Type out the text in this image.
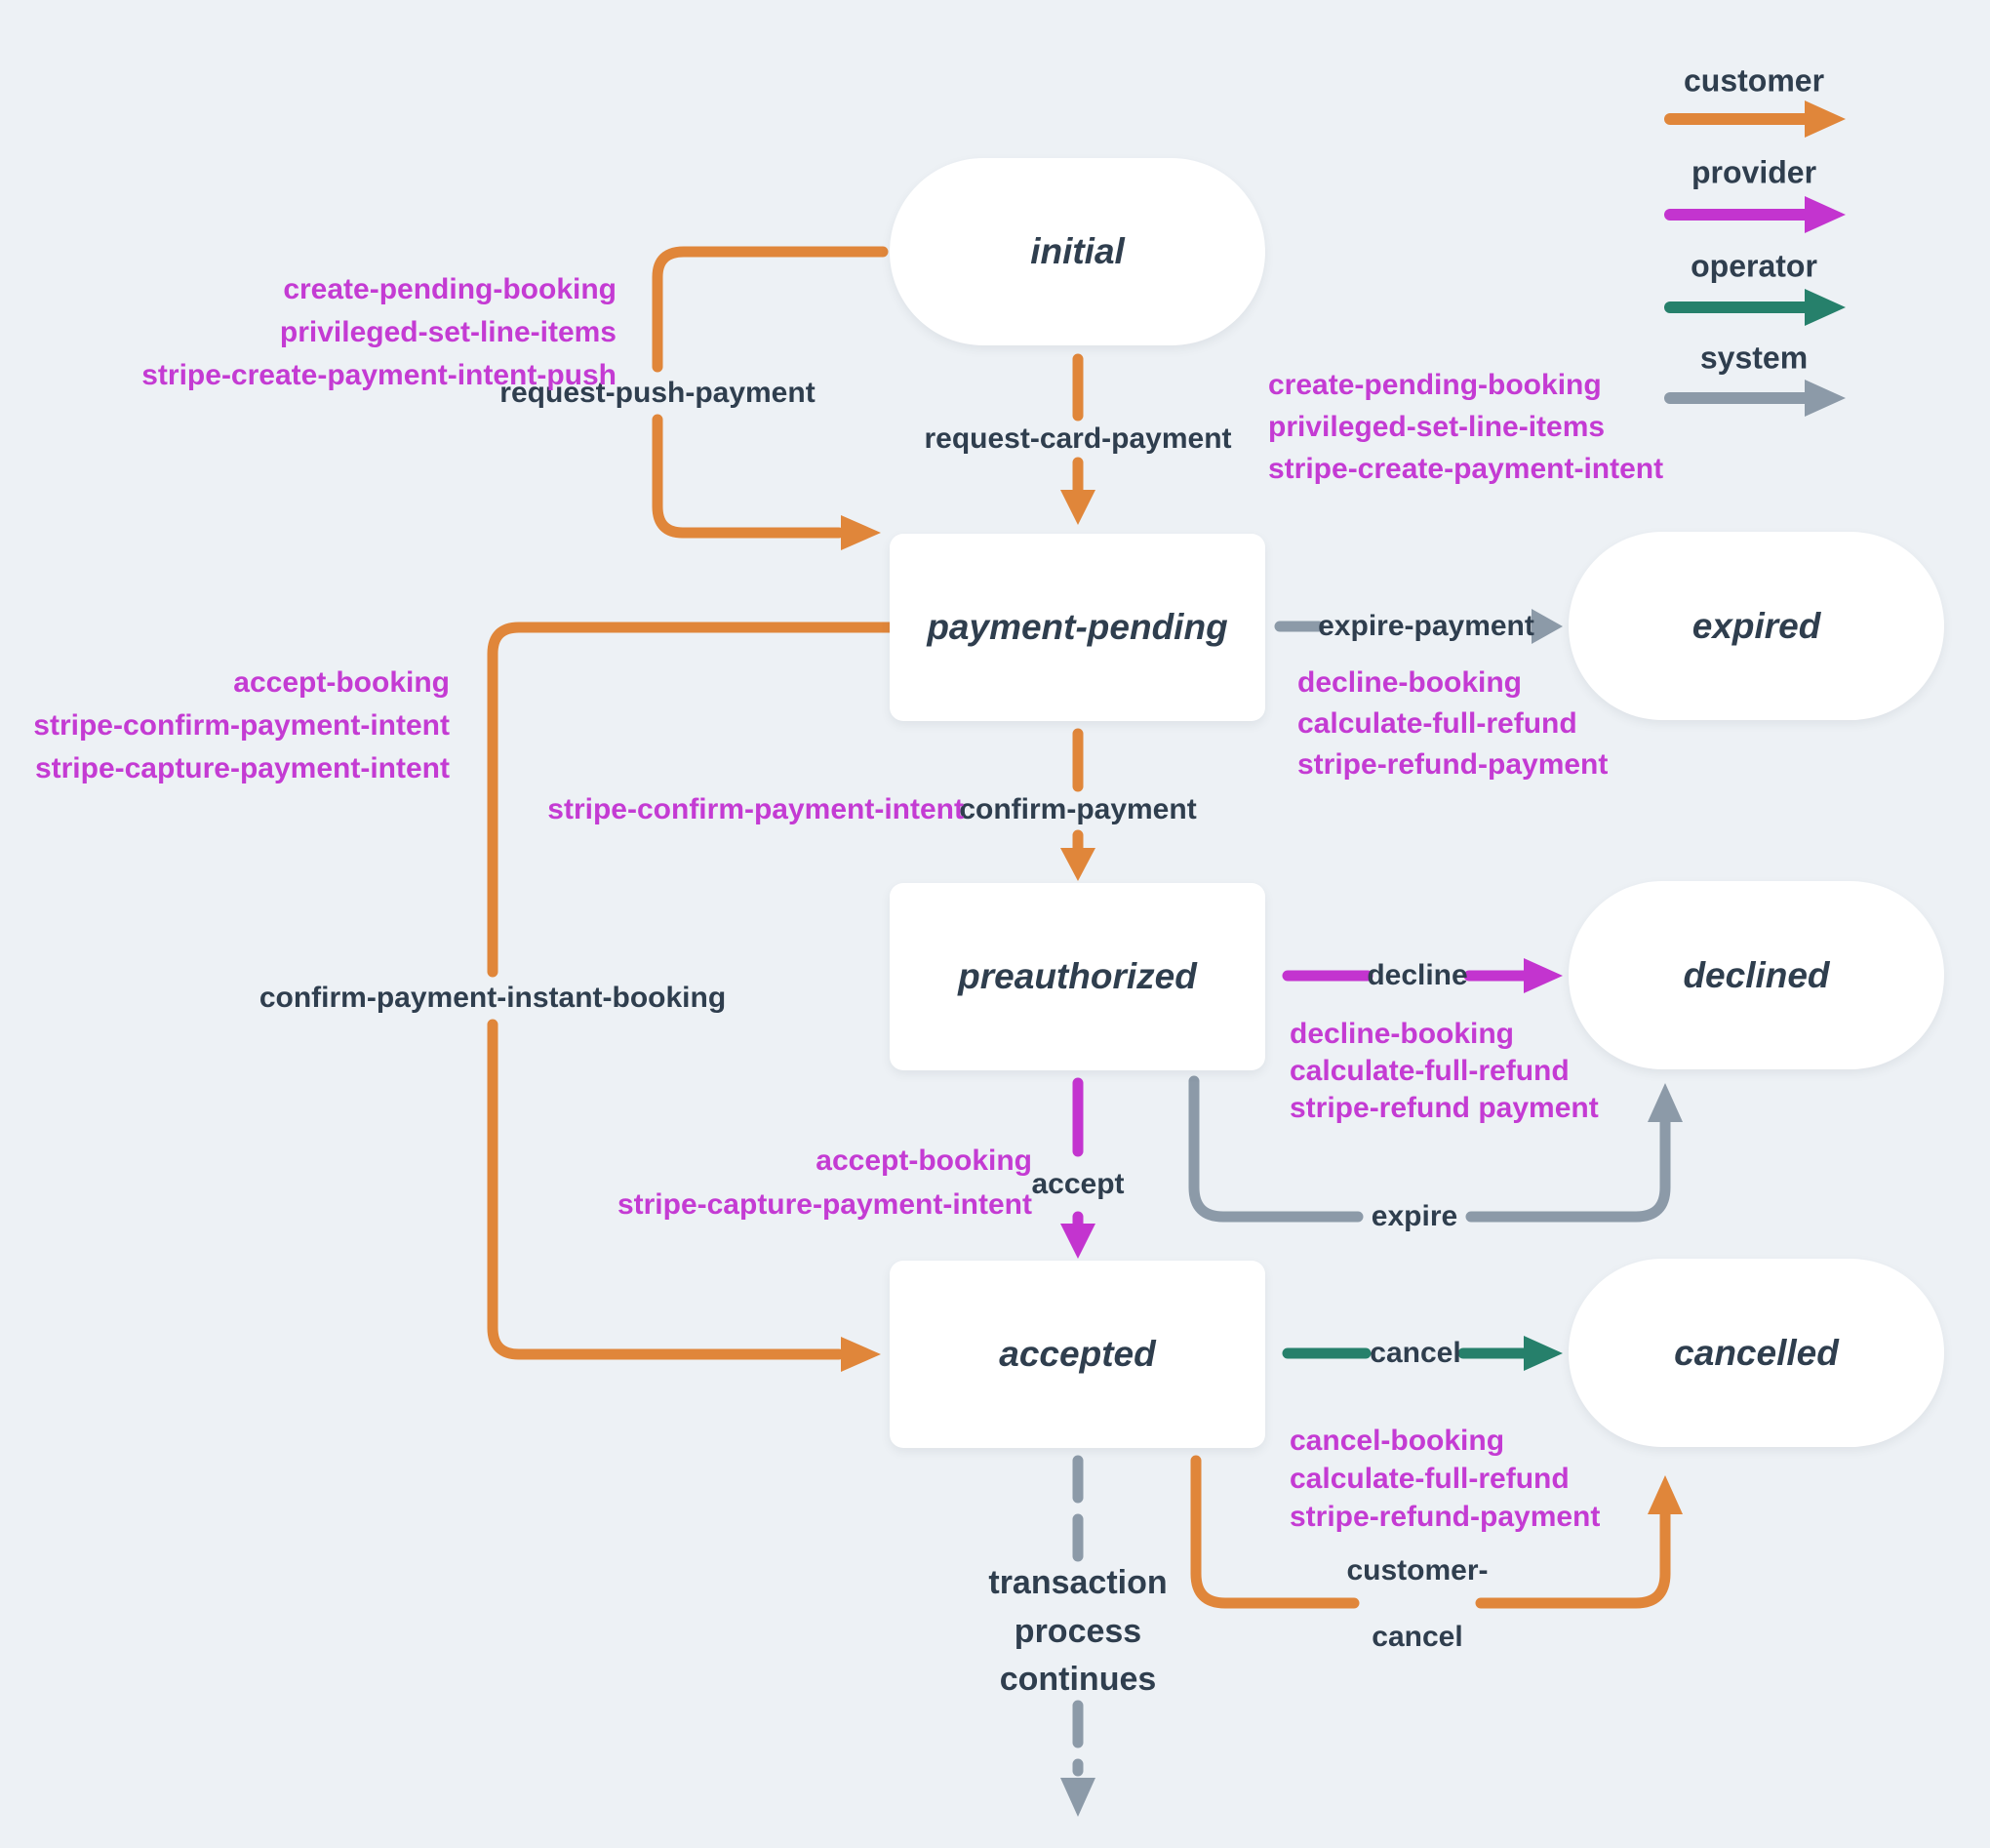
customer
provider
operator
system
initial
payment-pending	expired
preauthorized	declined
accepted	cancelled
request-push-payment
request-card-payment
expire-payment
confirm-payment
confirm-payment-instant-booking
decline
expire
accept
cancel
customer-
cancel
transaction
process
continues
create-pending-booking
privileged-set-line-items
stripe-create-payment-intent-push	create-pending-booking
privileged-set-line-items
stripe-create-payment-intent
decline-booking
calculate-full-refund
stripe-refund-payment
stripe-confirm-payment-intent
accept-booking
stripe-confirm-payment-intent
stripe-capture-payment-intent
decline-booking
calculate-full-refund
stripe-refund payment
accept-booking
stripe-capture-payment-intent
cancel-booking
calculate-full-refund
stripe-refund-payment
